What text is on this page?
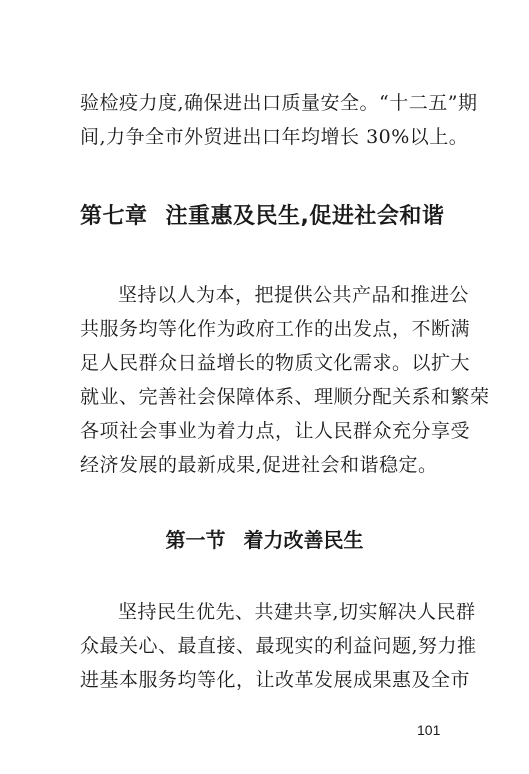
验检疫力度,确保进出口质量安全。“十二五”期
间,力争全市外贸进出口年均增长 30%以上。

第七章 注重惠及民生,促进社会和谐

坚持以人为本，把提供公共产品和推进公
共服务均等化作为政府工作的出发点，不断满
足人民群众日益增长的物质文化需求。以扩大
就业、完善社会保障体系、理顺分配关系和繁荣
各项社会事业为着力点，让人民群众充分享受
经济发展的最新成果,促进社会和谐稳定。

第一节 着力改善民生

坚持民生优先、共建共享,切实解决人民群
众最关心、最直接、最现实的利益问题,努力推
进基本服务均等化，让改革发展成果惠及全市

101
